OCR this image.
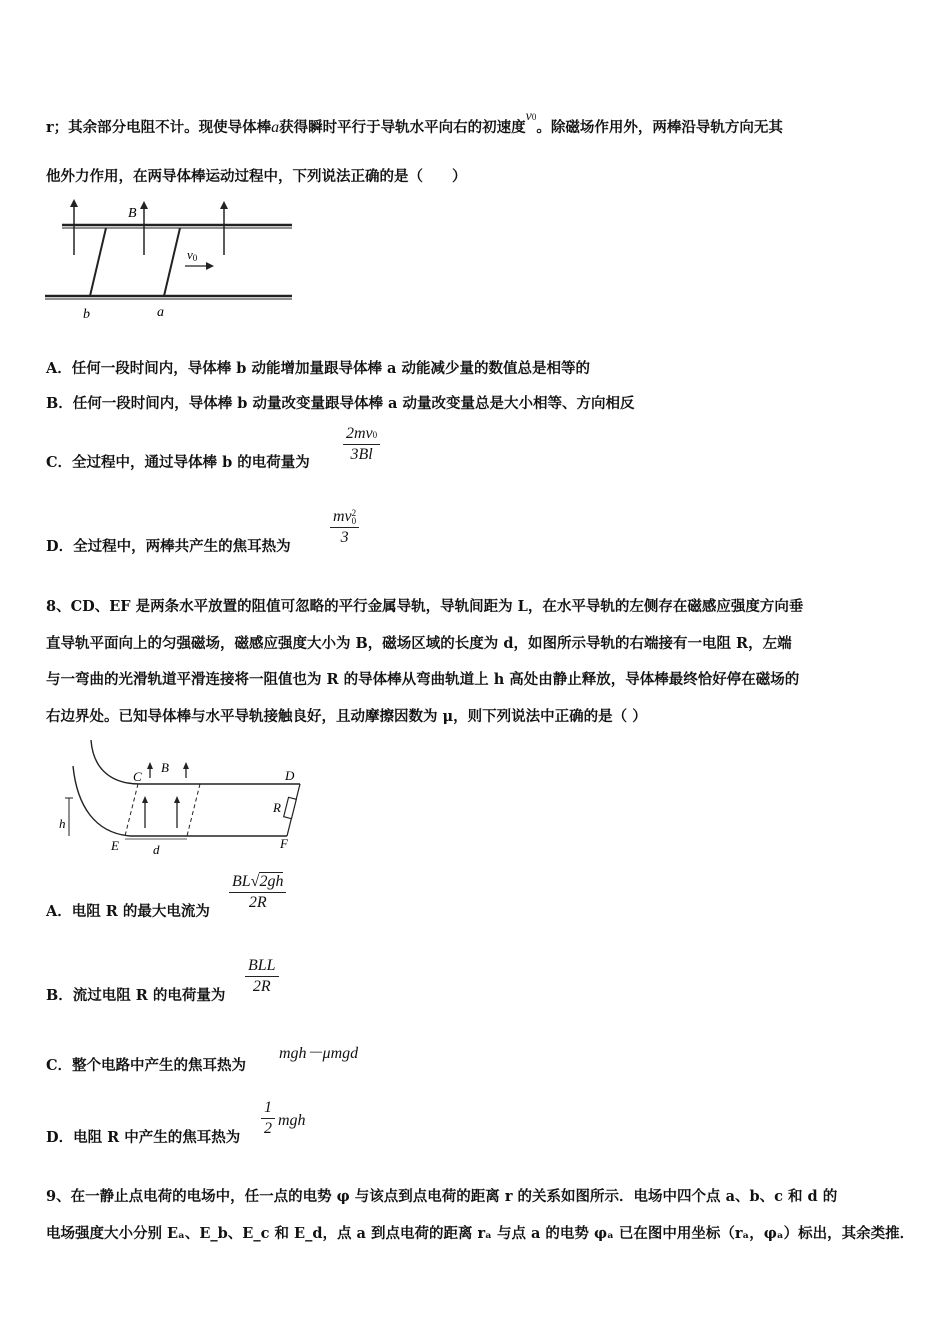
r；其余部分电阻不计。现使导体棒a获得瞬时平行于导轨水平向右的初速度v0。除磁场作用外，两棒沿导轨方向无其
他外力作用，在两导体棒运动过程中，下列说法正确的是（　　）
B
v0
b	a
A．任何一段时间内，导体棒 b 动能增加量跟导体棒 a 动能减少量的数值总是相等的
B．任何一段时间内，导体棒 b 动量改变量跟导体棒 a 动量改变量总是大小相等、方向相反
C．全过程中，通过导体棒 b 的电荷量为
2mv0
3Bl
D．全过程中，两棒共产生的焦耳热为
mv2
0
3
8、CD、EF 是两条水平放置的阻值可忽略的平行金属导轨，导轨间距为 L，在水平导轨的左侧存在磁感应强度方向垂
直导轨平面向上的匀强磁场，磁感应强度大小为 B，磁场区域的长度为 d，如图所示导轨的右端接有一电阻 R，左端
与一弯曲的光滑轨道平滑连接将一阻值也为 R 的导体棒从弯曲轨道上 h 高处由静止释放，导体棒最终恰好停在磁场的
右边界处。已知导体棒与水平导轨接触良好，且动摩擦因数为 μ，则下列说法中正确的是（ ）
C
B
D
R
h
E	d	F
A．电阻 R 的最大电流为
BL√2gh
2R
B．流过电阻 R 的电荷量为
BLL
2R
C．整个电路中产生的焦耳热为
mgh－μmgd
D．电阻 R 中产生的焦耳热为
1
2 mgh
9、在一静止点电荷的电场中，任一点的电势 φ 与该点到点电荷的距离 r 的关系如图所示．电场中四个点 a、b、c 和 d 的
电场强度大小分别 Eₐ、E_b、E_c 和 E_d，点 a 到点电荷的距离 rₐ 与点 a 的电势 φₐ 已在图中用坐标（rₐ，φₐ）标出，其余类推．
